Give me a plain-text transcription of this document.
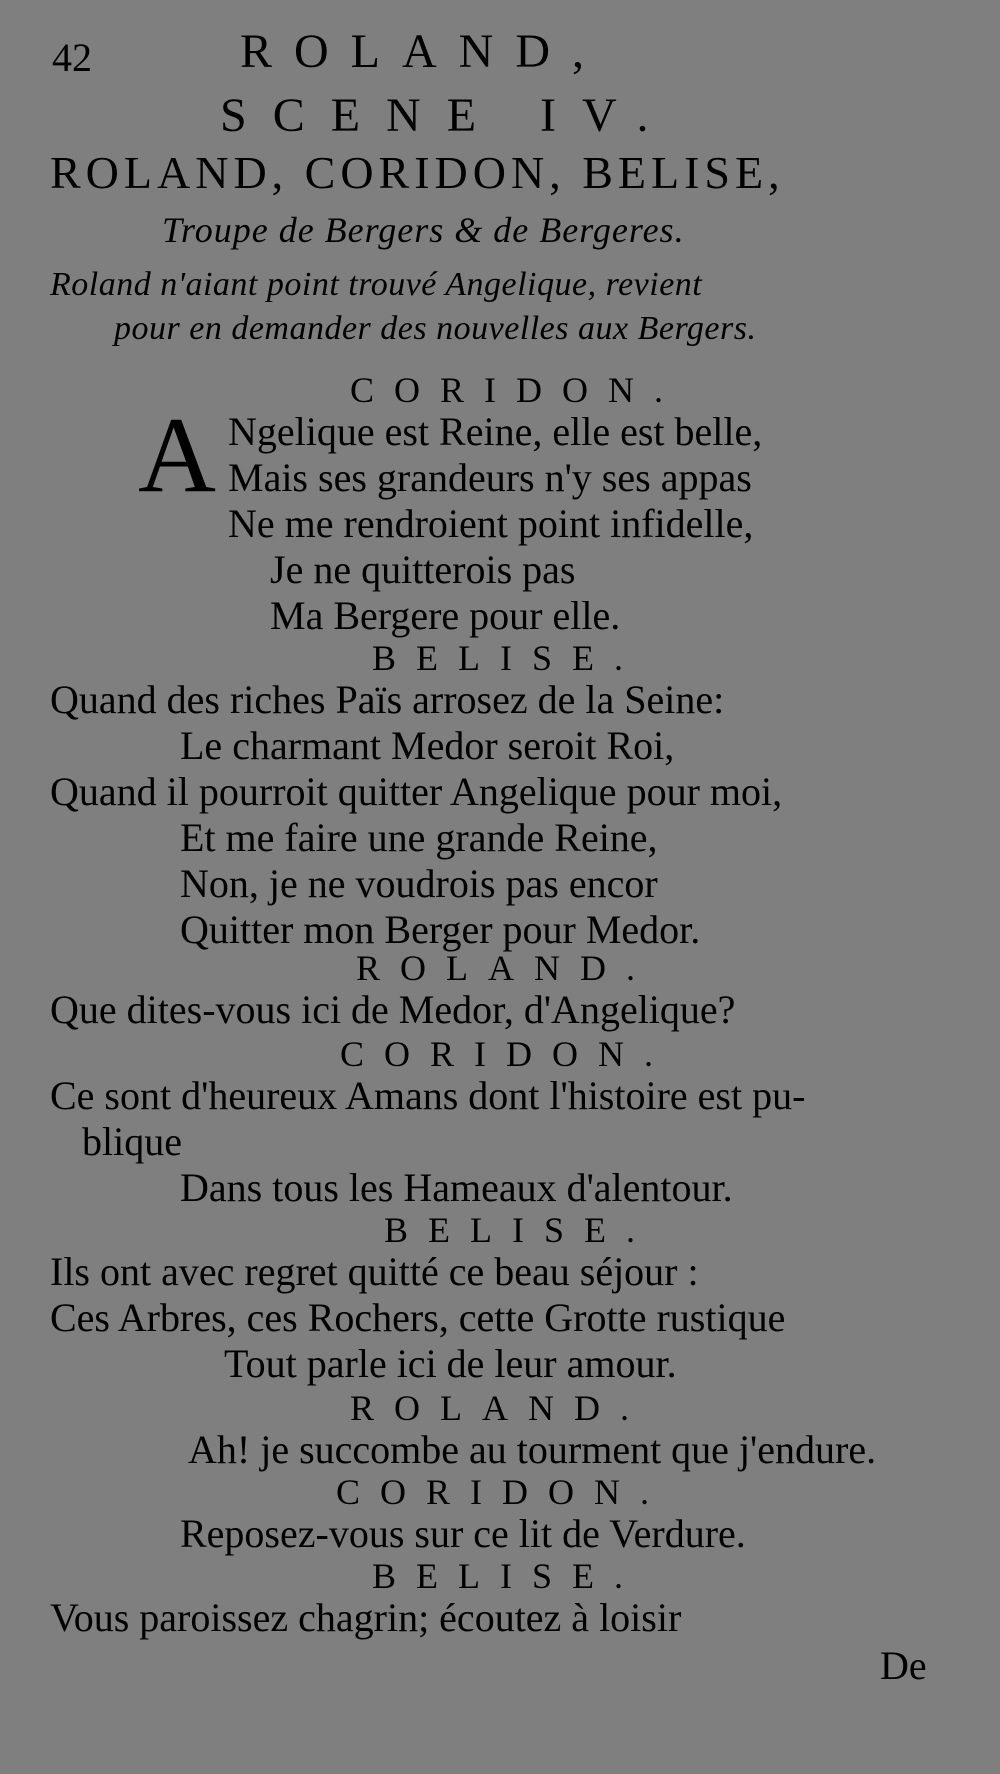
42	ROLAND,
SCENE IV.
ROLAND, CORIDON, BELISE,
Troupe de Bergers & de Bergeres.
Roland n'aiant point trouvé Angelique, revient
pour en demander des nouvelles aux Bergers.
CORIDON.
A Ngelique est Reine, elle est belle,
Mais ses grandeurs n'y ses appas
Ne me rendroient point infidelle,
Je ne quitterois pas
Ma Bergere pour elle.
BELISE.
Quand des riches Païs arrosez de la Seine:
Le charmant Medor seroit Roi,
Quand il pourroit quitter Angelique pour moi,
Et me faire une grande Reine,
Non, je ne voudrois pas encor
Quitter mon Berger pour Medor.
ROLAND.
Que dites-vous ici de Medor, d'Angelique?
CORIDON.
Ce sont d'heureux Amans dont l'histoire est pu-
blique
Dans tous les Hameaux d'alentour.
BELISE.
Ils ont avec regret quitté ce beau séjour :
Ces Arbres, ces Rochers, cette Grotte rustique
Tout parle ici de leur amour.
ROLAND.
Ah! je succombe au tourment que j'endure.
CORIDON.
Reposez-vous sur ce lit de Verdure.
BELISE.
Vous paroissez chagrin; écoutez à loisir
De
